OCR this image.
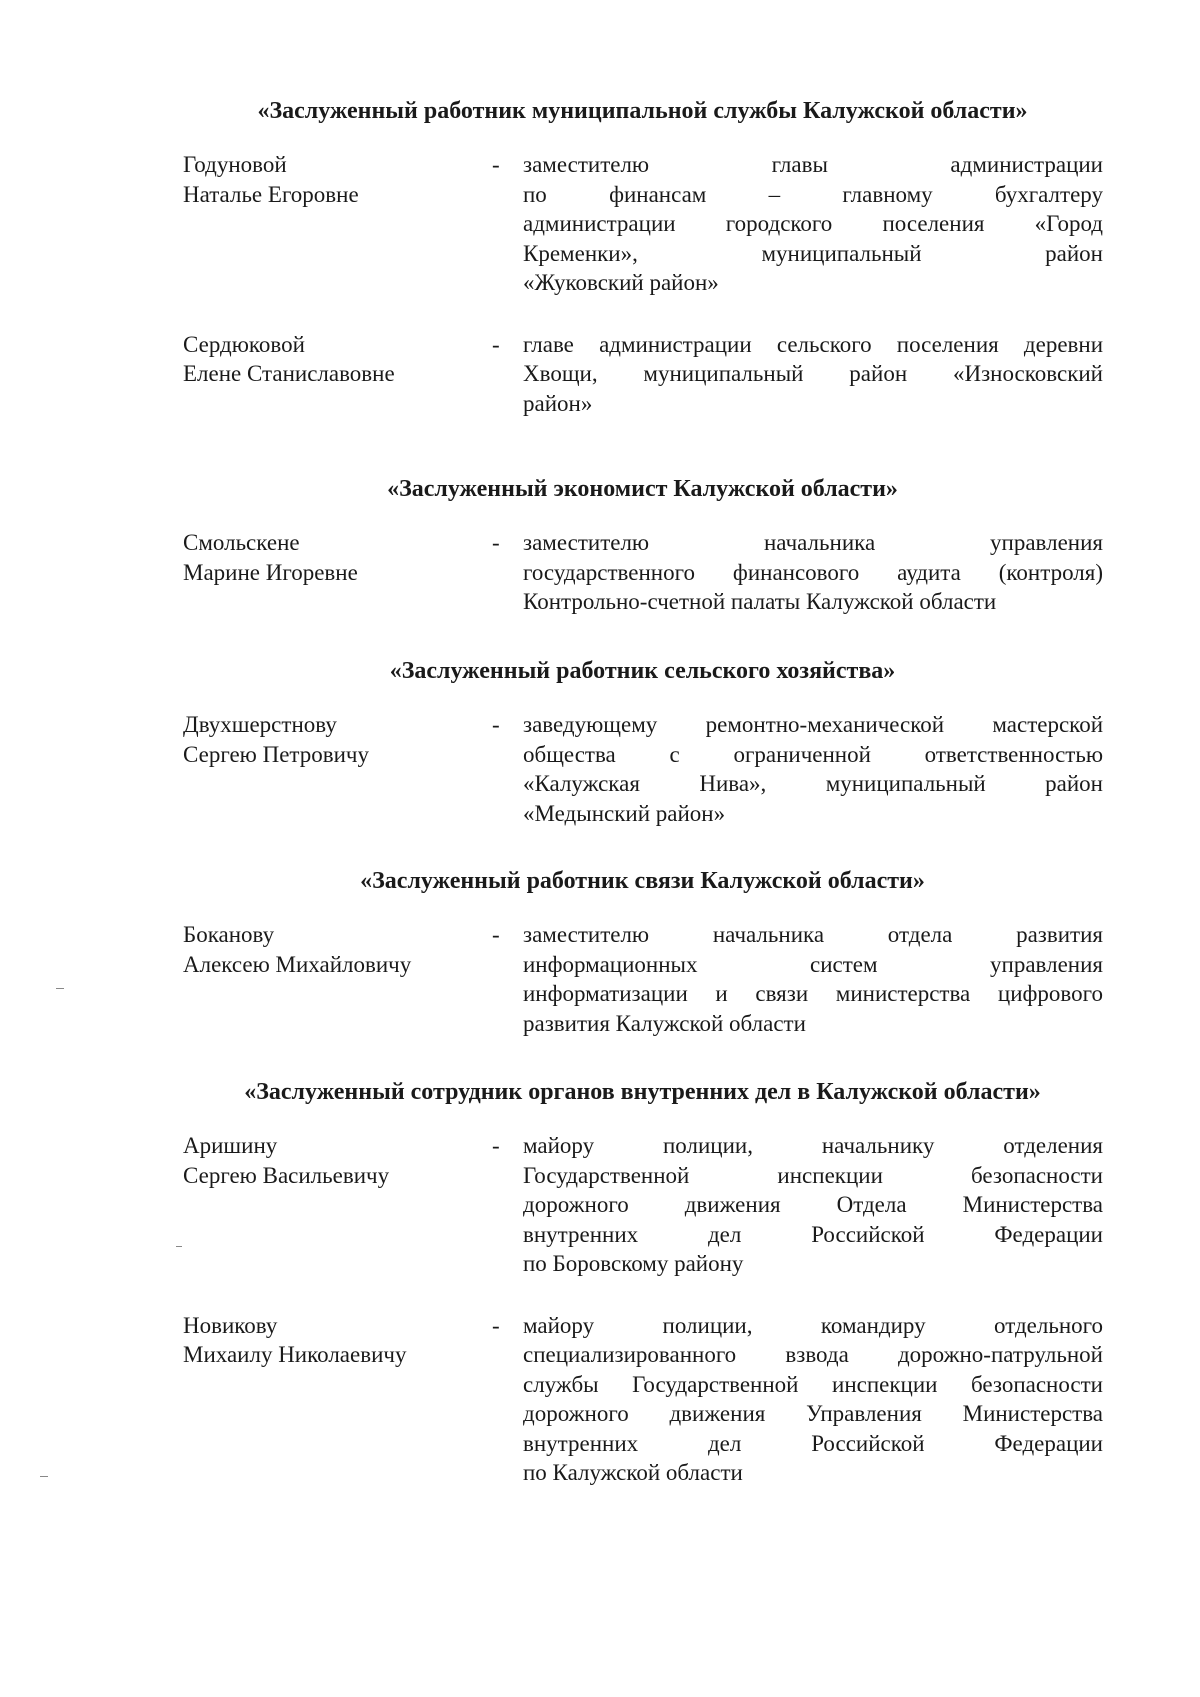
«Заслуженный работник муниципальной службы Калужской области»

Годуновой
Наталье Егоровне
- заместителю главы администрации
по финансам – главному бухгалтеру
администрации городского поселения «Город
Кременки», муниципальный район
«Жуковский район»
Сердюковой
Елене Станиславовне
- главе администрации сельского поселения деревни
Хвощи, муниципальный район «Износковский
район»

«Заслуженный экономист Калужской области»

Смольскене
Марине Игоревне
- заместителю начальника управления
государственного финансового аудита (контроля)
Контрольно-счетной палаты Калужской области

«Заслуженный работник сельского хозяйства»

Двухшерстнову
Сергею Петровичу
- заведующему ремонтно-механической мастерской
общества с ограниченной ответственностью
«Калужская Нива», муниципальный район
«Медынский район»

«Заслуженный работник связи Калужской области»

Боканову
Алексею Михайловичу
- заместителю начальника отдела развития
информационных систем управления
информатизации и связи министерства цифрового
развития Калужской области

«Заслуженный сотрудник органов внутренних дел в Калужской области»

Аришину
Сергею Васильевичу
- майору полиции, начальнику отделения
Государственной инспекции безопасности
дорожного движения Отдела Министерства
внутренних дел Российской Федерации
по Боровскому району
Новикову
Михаилу Николаевичу
- майору полиции, командиру отдельного
специализированного взвода дорожно-патрульной
службы Государственной инспекции безопасности
дорожного движения Управления Министерства
внутренних дел Российской Федерации
по Калужской области
